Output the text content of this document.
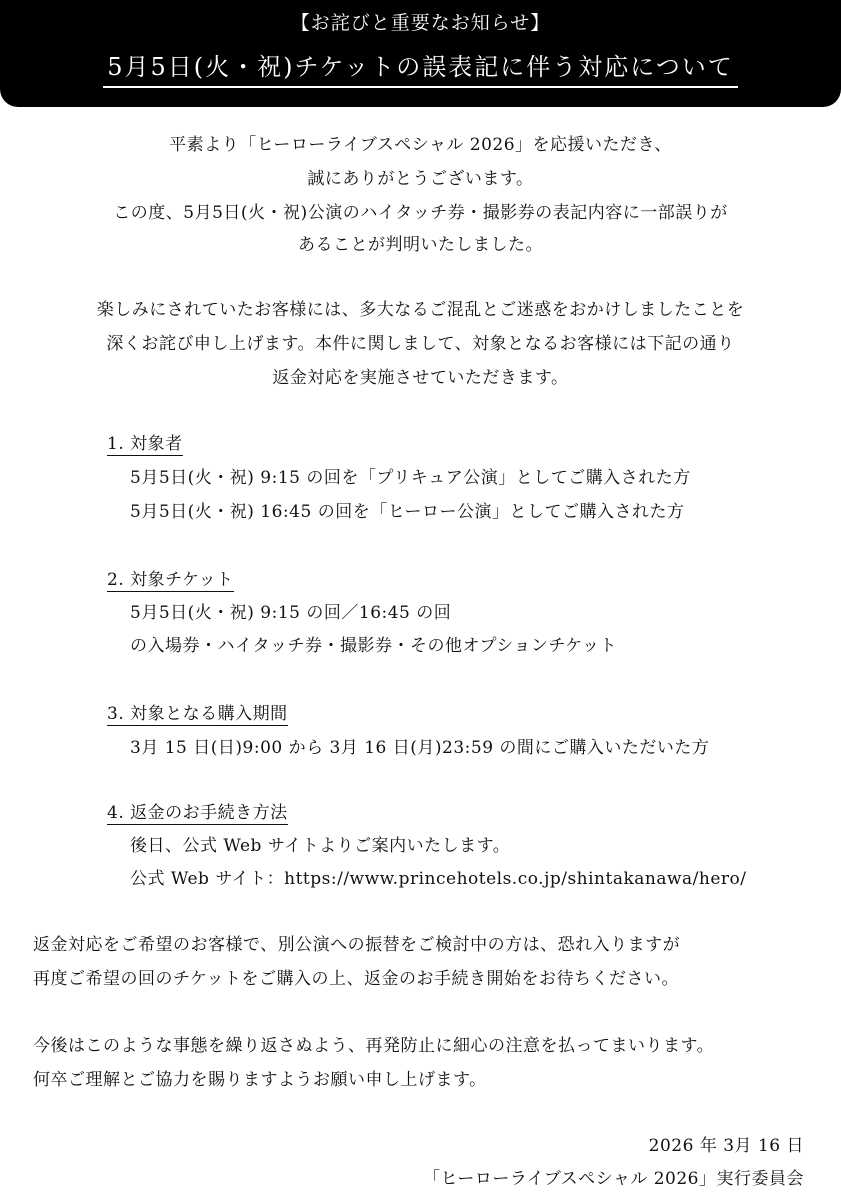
【お詫びと重要なお知らせ】
5月5日(火・祝)チケットの誤表記に伴う対応について
平素より「ヒーローライブスペシャル 2026」を応援いただき、
誠にありがとうございます。
この度、5月5日(火・祝)公演のハイタッチ券・撮影券の表記内容に一部誤りが
あることが判明いたしました。
楽しみにされていたお客様には、多大なるご混乱とご迷惑をおかけしましたことを
深くお詫び申し上げます。本件に関しまして、対象となるお客様には下記の通り
返金対応を実施させていただきます。
1. 対象者
5月5日(火・祝) 9:15 の回を「プリキュア公演」としてご購入された方
5月5日(火・祝) 16:45 の回を「ヒーロー公演」としてご購入された方
2. 対象チケット
5月5日(火・祝) 9:15 の回／16:45 の回
の入場券・ハイタッチ券・撮影券・その他オプションチケット
3. 対象となる購入期間
3月 15 日(日)9:00 から 3月 16 日(月)23:59 の間にご購入いただいた方
4. 返金のお手続き方法
後日、公式 Web サイトよりご案内いたします。
公式 Web サイト：https://www.princehotels.co.jp/shintakanawa/hero/
返金対応をご希望のお客様で、別公演への振替をご検討中の方は、恐れ入りますが
再度ご希望の回のチケットをご購入の上、返金のお手続き開始をお待ちください。
今後はこのような事態を繰り返さぬよう、再発防止に細心の注意を払ってまいります。
何卒ご理解とご協力を賜りますようお願い申し上げます。
2026 年 3月 16 日
「ヒーローライブスペシャル 2026」実行委員会
